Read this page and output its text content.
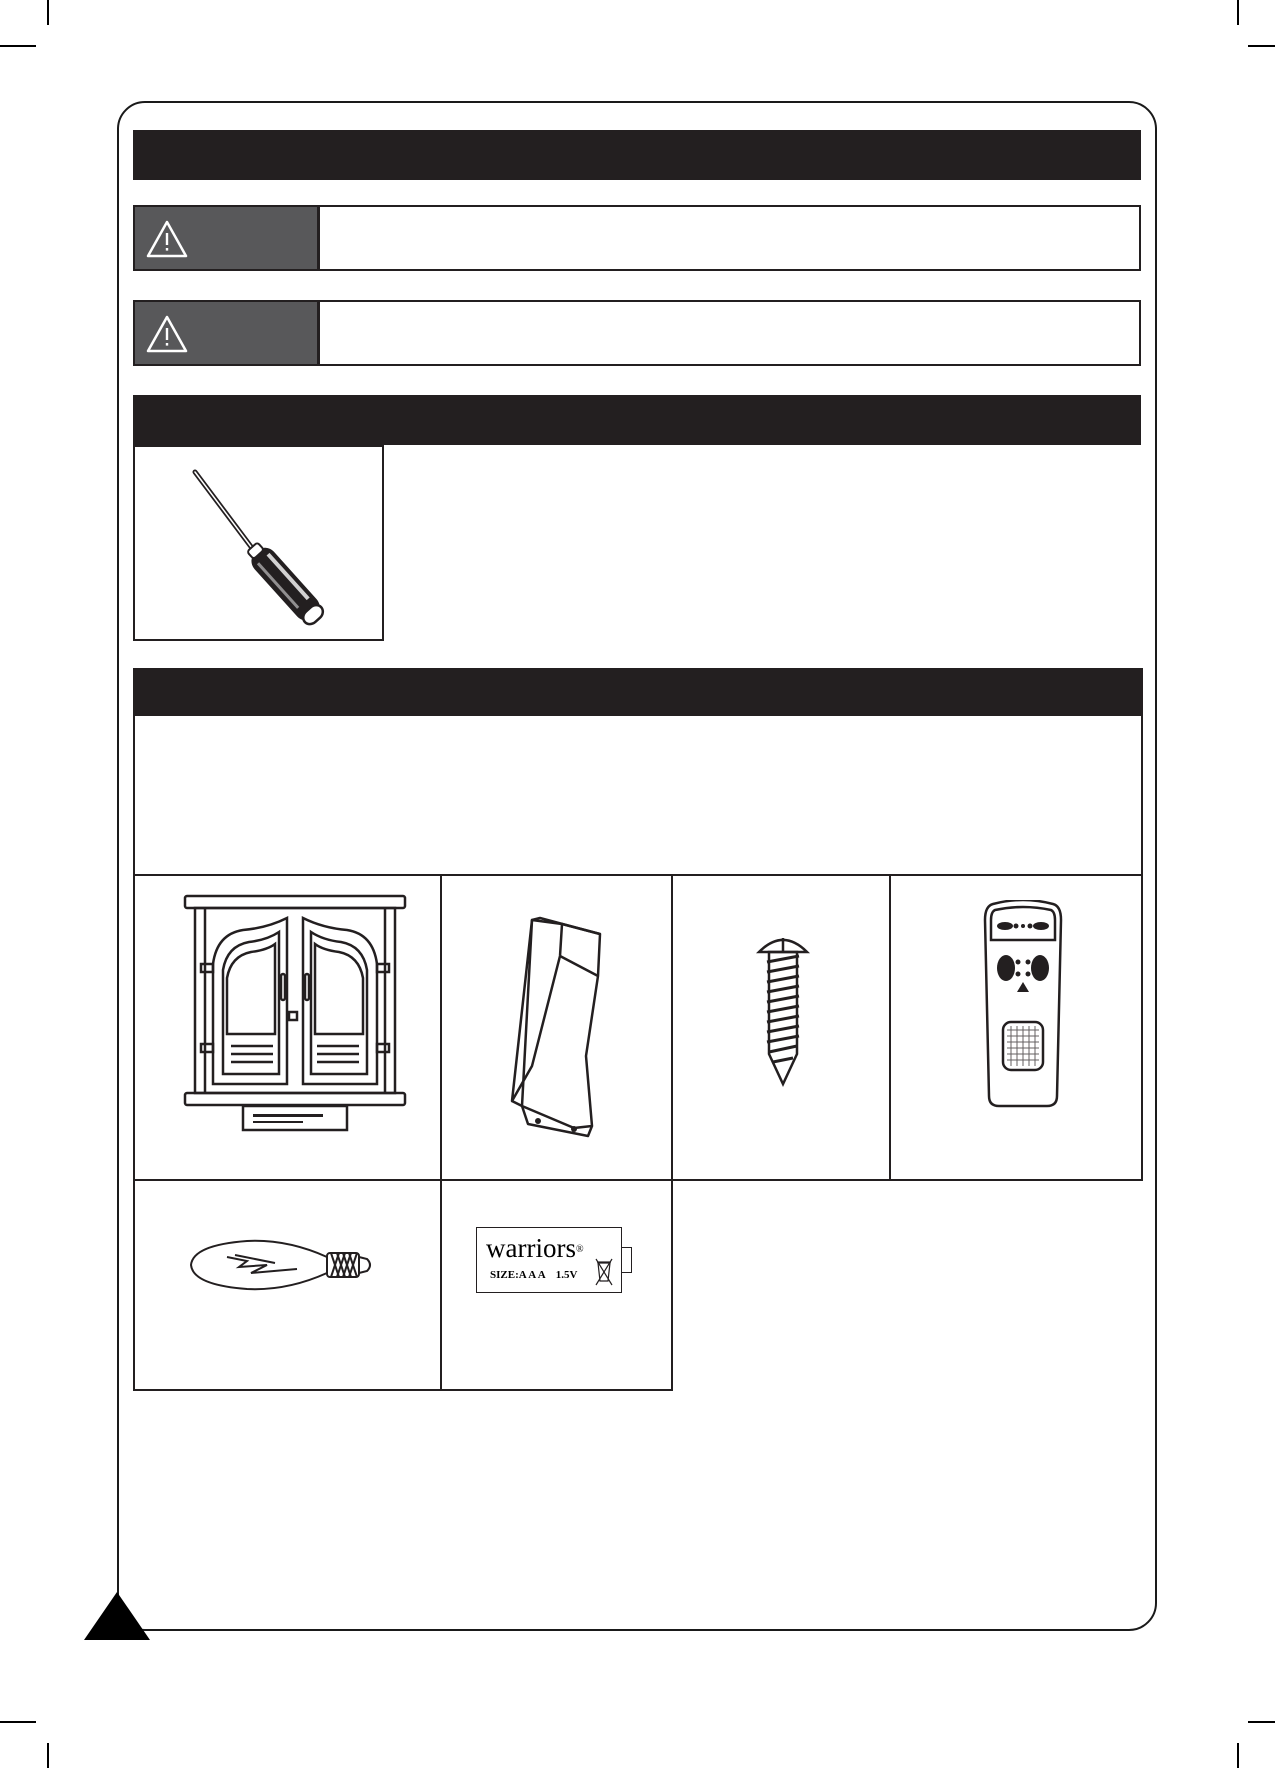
warriors®
SIZE:A A A 1.5V
